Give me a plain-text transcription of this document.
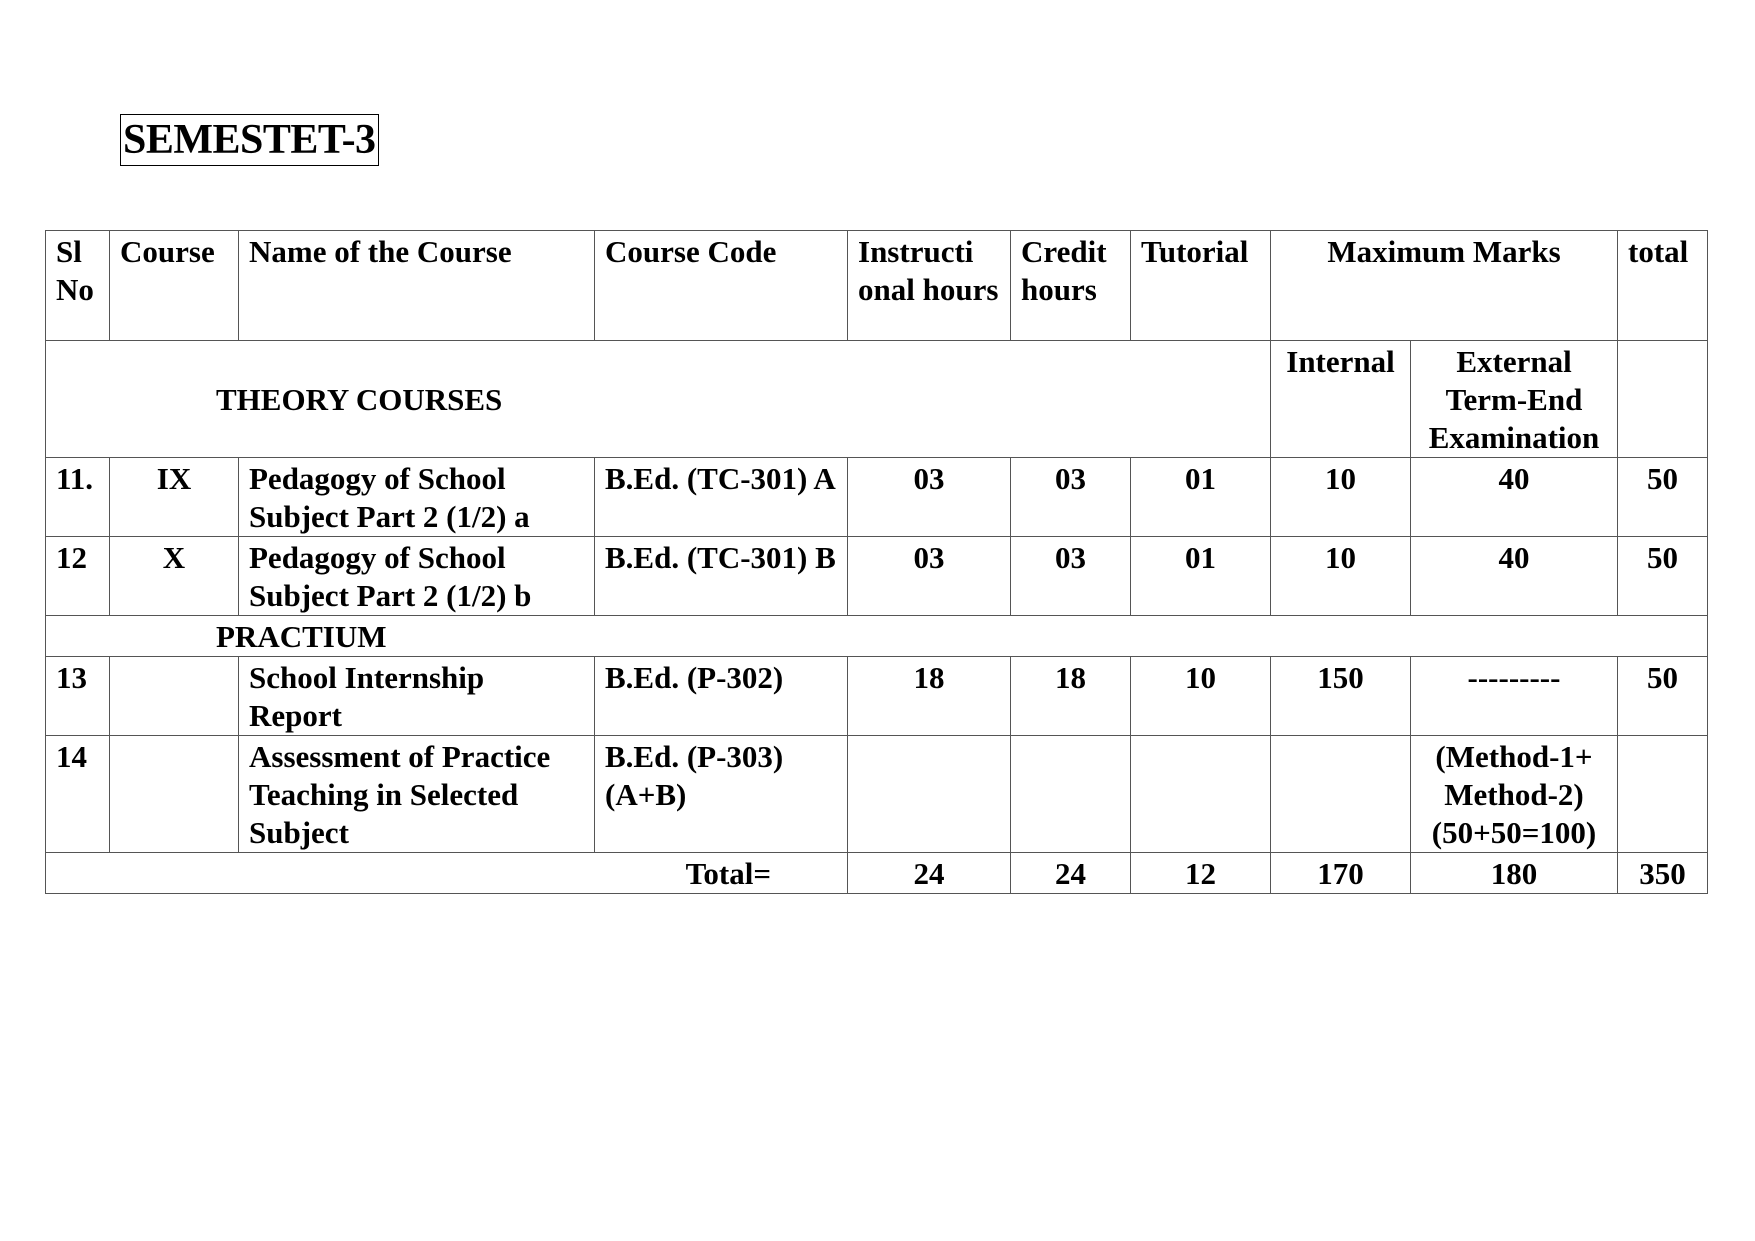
SEMESTET-3
Sl No	Course	Name of the Course	Course Code	Instructi onal hours	Credit hours	Tutorial	Maximum Marks		total
THEORY COURSES							Internal	External Term-End Examination	
11.	IX	Pedagogy of School Subject Part 2 (1/2) a	B.Ed. (TC-301) A	03	03	01	10	40	50
12	X	Pedagogy of School Subject Part 2 (1/2) b	B.Ed. (TC-301) B	03	03	01	10	40	50
PRACTIUM									
13		School Internship Report	B.Ed. (P-302)	18	18	10	150	---------	50
14		Assessment of Practice Teaching in Selected Subject	B.Ed. (P-303) (A+B)					(Method-1+ Method-2) (50+50=100)	
Total=				24	24	12	170	180	350
